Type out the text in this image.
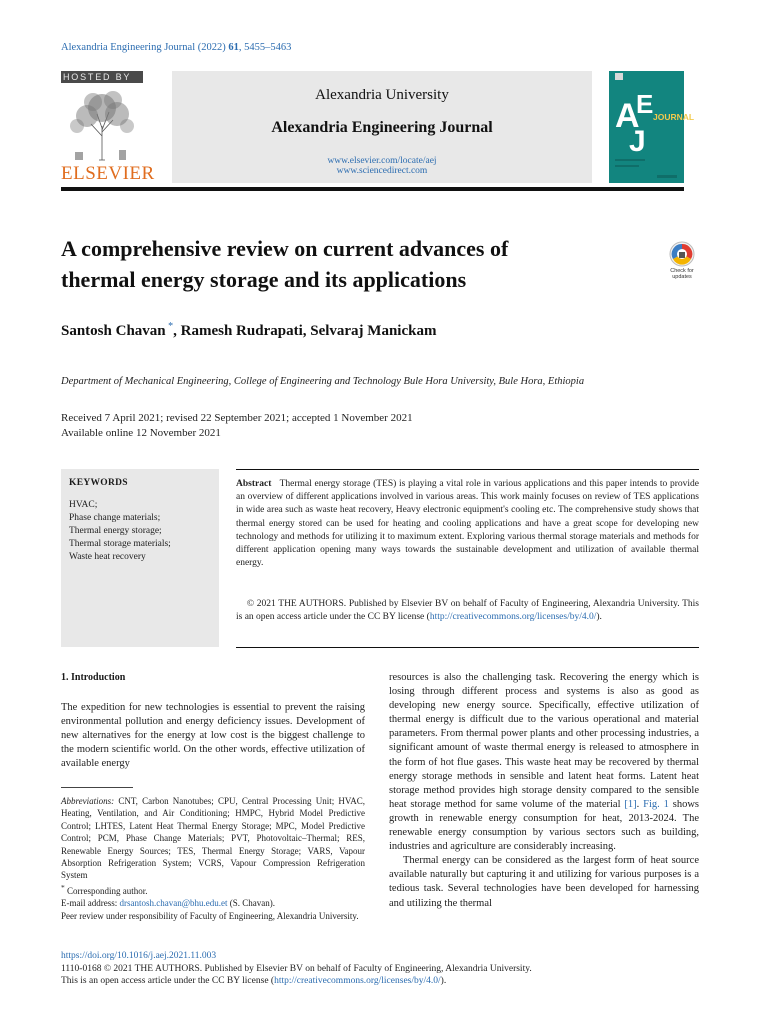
Alexandria Engineering Journal (2022) 61, 5455–5463
HOSTED BY
ELSEVIER
Alexandria University
Alexandria Engineering Journal
www.elsevier.com/locate/aej
www.sciencedirect.com
A
E
J
JOURNAL
A comprehensive review on current advances of
thermal energy storage and its applications	Check for
updates
Santosh Chavan *, Ramesh Rudrapati, Selvaraj Manickam
Department of Mechanical Engineering, College of Engineering and Technology Bule Hora University, Bule Hora, Ethiopia
Received 7 April 2021; revised 22 September 2021; accepted 1 November 2021
Available online 12 November 2021
KEYWORDS
HVAC;
Phase change materials;
Thermal energy storage;
Thermal storage materials;
Waste heat recovery

Abstract Thermal energy storage (TES) is playing a vital role in various applications and this paper intends to provide an overview of different applications involved in various areas. This work mainly focuses on review of TES applications in wide area such as waste heat recovery, Heavy electronic equipment's cooling etc. The comprehensive study shows that thermal energy stored can be used for heating and cooling applications and have a great scope for developing new technology and methods for utilizing it to maximum extent. Exploring various thermal storage materials and methods for different application opening many ways towards the sustainable development and utilization of available thermal energy.

© 2021 THE AUTHORS. Published by Elsevier BV on behalf of Faculty of Engineering, Alexandria University. This is an open access article under the CC BY license (http://creativecommons.org/licenses/by/4.0/).
1. Introduction

The expedition for new technologies is essential to prevent the raising environmental pollution and energy deficiency issues. Development of new alternatives for the energy at low cost is the biggest challenge to the modern scientific world. On the other words, effective utilization of available energy

Abbreviations: CNT, Carbon Nanotubes; CPU, Central Processing Unit; HVAC, Heating, Ventilation, and Air Conditioning; HMPC, Hybrid Model Predictive Control; LHTES, Latent Heat Thermal Energy Storage; MPC, Model Predictive Control; PCM, Phase Change Materials; PVT, Photovoltaic–Thermal; RES, Renewable Energy Sources; TES, Thermal Energy Storage; VARS, Vapour Absorption Refrigeration System; VCRS, Vapour Compression Refrigeration System

* Corresponding author.

E-mail address: drsantosh.chavan@bhu.edu.et (S. Chavan).

Peer review under responsibility of Faculty of Engineering, Alexandria University.

resources is also the challenging task. Recovering the energy which is losing through different process and systems is also as good as developing new energy source. Specifically, effective utilization of thermal energy is difficult due to the various operational and material parameters. From thermal power plants and other processing industries, a significant amount of waste thermal energy is released to atmosphere in the form of hot flue gases. This waste heat may be recovered by thermal energy storage methods in sensible and latent heat forms. Latent heat storage method provides high storage density compared to the sensible heat storage method for same volume of the material [1]. Fig. 1 shows growth in renewable energy consumption for heat, 2013-2024. The renewable energy consumption by various sectors such as building, industries and agriculture are considerably increasing.

Thermal energy can be considered as the largest form of heat source available naturally but capturing it and utilizing for various purposes is a tedious task. Several technologies have been developed for harnessing and utilizing the thermal

https://doi.org/10.1016/j.aej.2021.11.003
1110-0168 © 2021 THE AUTHORS. Published by Elsevier BV on behalf of Faculty of Engineering, Alexandria University.
This is an open access article under the CC BY license (http://creativecommons.org/licenses/by/4.0/).
